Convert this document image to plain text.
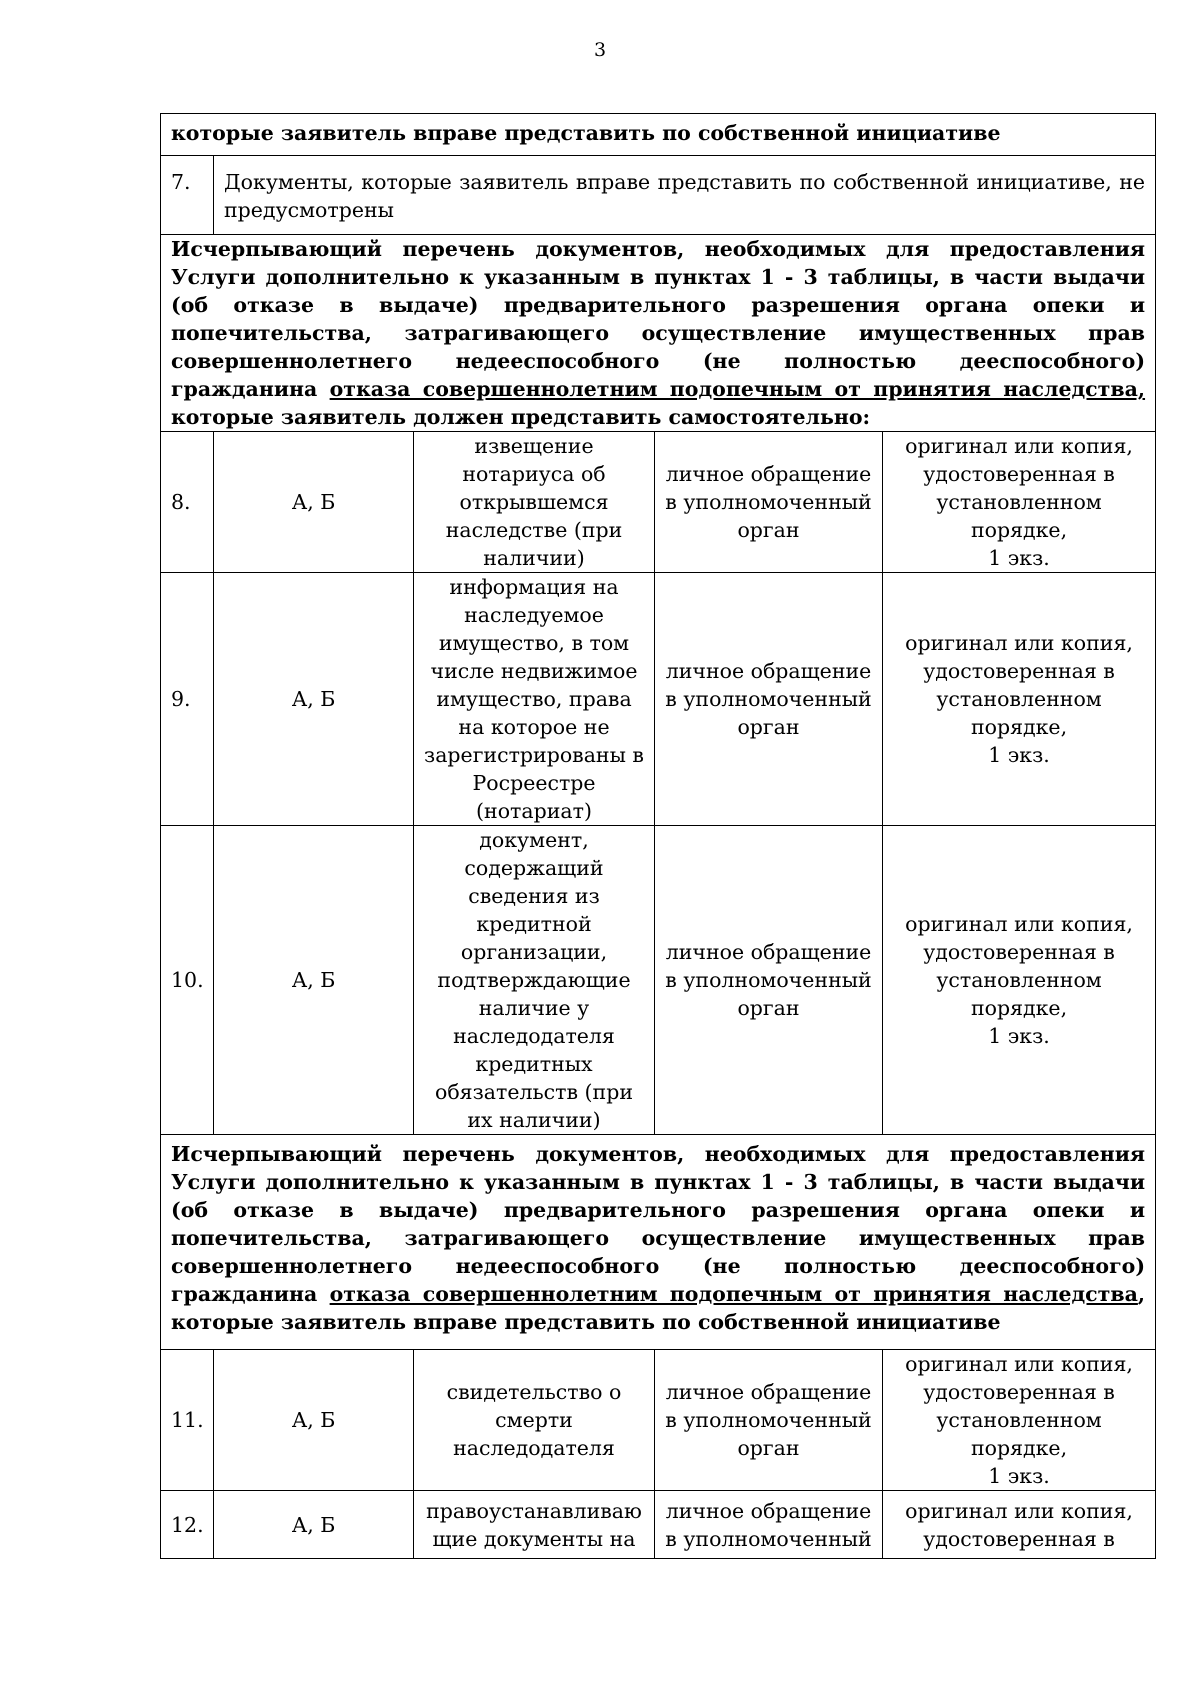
3
которые заявитель вправе представить по собственной инициативе				
7.	Документы, которые заявитель вправе представить по собственной инициативе, не предусмотрены			
Исчерпывающий перечень документов, необходимых для предоставления Услуги дополнительно к указанным в пунктах 1 - 3 таблицы, в части выдачи (об отказе в выдаче) предварительного разрешения органа опеки и попечительства, затрагивающего осуществление имущественных прав совершеннолетнего недееспособного (не полностью дееспособного) гражданина отказа совершеннолетним подопечным от принятия наследства, которые заявитель должен представить самостоятельно:				
8.	А, Б	извещение нотариуса об открывшемся наследстве (при наличии)	личное обращение в уполномоченный орган	оригинал или копия, удостоверенная в установленном порядке,
1 экз.
9.	А, Б	информация на наследуемое имущество, в том числе недвижимое имущество, права на которое не зарегистрированы в Росреестре (нотариат)	личное обращение в уполномоченный орган	оригинал или копия, удостоверенная в установленном порядке,
1 экз.
10.	А, Б	документ, содержащий сведения из кредитной организации, подтверждающие наличие у наследодателя кредитных обязательств (при их наличии)	личное обращение в уполномоченный орган	оригинал или копия, удостоверенная в установленном порядке,
1 экз.
Исчерпывающий перечень документов, необходимых для предоставления Услуги дополнительно к указанным в пунктах 1 - 3 таблицы, в части выдачи (об отказе в выдаче) предварительного разрешения органа опеки и попечительства, затрагивающего осуществление имущественных прав совершеннолетнего недееспособного (не полностью дееспособного) гражданина отказа совершеннолетним подопечным от принятия наследства, которые заявитель вправе представить по собственной инициативе				
11.	А, Б	свидетельство о смерти наследодателя	личное обращение в уполномоченный орган	оригинал или копия, удостоверенная в установленном порядке,
1 экз.
12.	А, Б	правоустанавливаю щие документы на	личное обращение в уполномоченный	оригинал или копия, удостоверенная в
